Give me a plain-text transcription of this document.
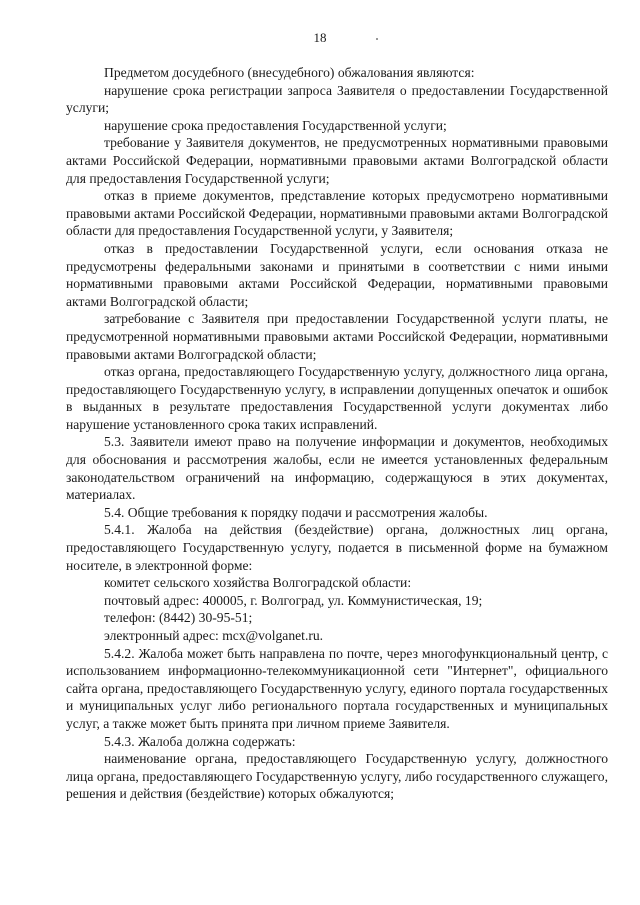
18

Предметом досудебного (внесудебного) обжалования являются:

нарушение срока регистрации запроса Заявителя о предоставлении Государственной услуги;

нарушение срока предоставления Государственной услуги;

требование у Заявителя документов, не предусмотренных нормативными правовыми актами Российской Федерации, нормативными правовыми актами Волгоградской области для предоставления Государственной услуги;

отказ в приеме документов, представление которых предусмотрено нормативными правовыми актами Российской Федерации, нормативными правовыми актами Волгоградской области для предоставления Государственной услуги, у Заявителя;

отказ в предоставлении Государственной услуги, если основания отказа не предусмотрены федеральными законами и принятыми в соответствии с ними иными нормативными правовыми актами Российской Федерации, нормативными правовыми актами Волгоградской области;

затребование с Заявителя при предоставлении Государственной услуги платы, не предусмотренной нормативными правовыми актами Российской Федерации, нормативными правовыми актами Волгоградской области;

отказ органа, предоставляющего Государственную услугу, должностного лица органа, предоставляющего Государственную услугу, в исправлении допущенных опечаток и ошибок в выданных в результате предоставления Государственной услуги документах либо нарушение установленного срока таких исправлений.

5.3. Заявители имеют право на получение информации и документов, необходимых для обоснования и рассмотрения жалобы, если не имеется установленных федеральным законодательством ограничений на информацию, содержащуюся в этих документах, материалах.

5.4. Общие требования к порядку подачи и рассмотрения жалобы.

5.4.1. Жалоба на действия (бездействие) органа, должностных лиц органа, предоставляющего Государственную услугу, подается в письменной форме на бумажном носителе, в электронной форме:

комитет сельского хозяйства Волгоградской области:

почтовый адрес: 400005, г. Волгоград, ул. Коммунистическая, 19;

телефон: (8442) 30-95-51;

электронный адрес: mcx@volganet.ru.

5.4.2. Жалоба может быть направлена по почте, через многофункциональный центр, с использованием информационно-телекоммуникационной сети "Интернет", официального сайта органа, предоставляющего Государственную услугу, единого портала государственных и муниципальных услуг либо регионального портала государственных и муниципальных услуг, а также может быть принята при личном приеме Заявителя.

5.4.3. Жалоба должна содержать:

наименование органа, предоставляющего Государственную услугу, должностного лица органа, предоставляющего Государственную услугу, либо государственного служащего, решения и действия (бездействие) которых обжалуются;
